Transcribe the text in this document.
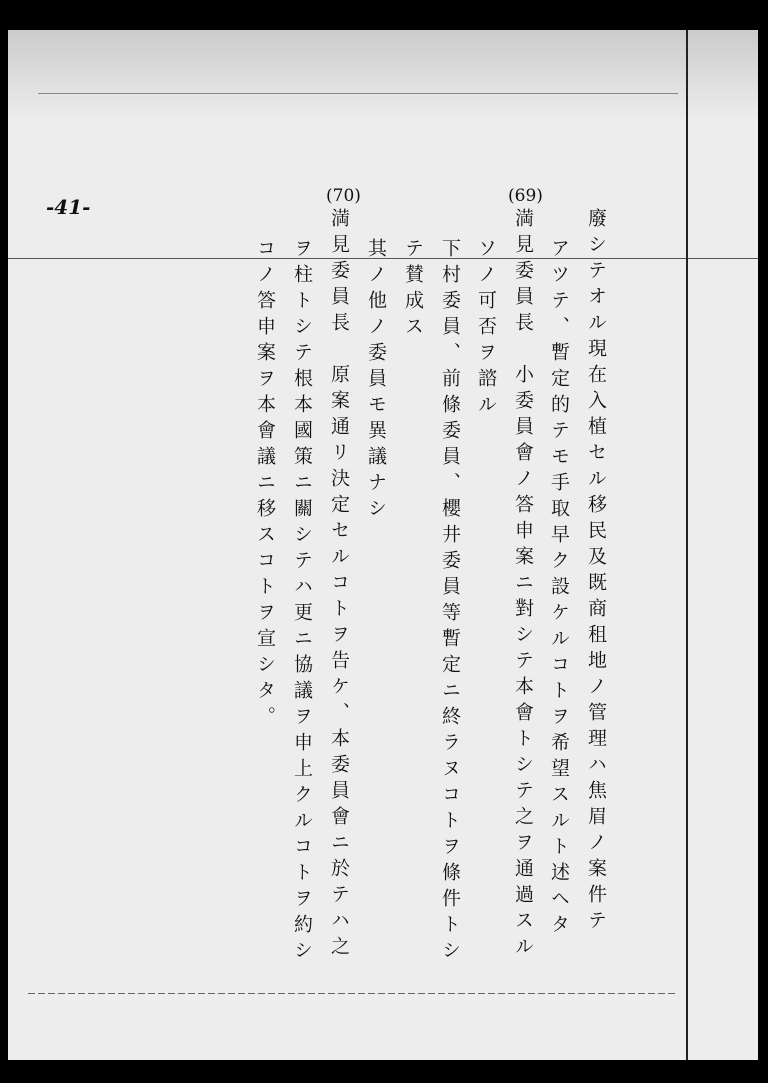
-41-	(69)
(70)
廢シテオル現在入植セル移民及既商租地ノ管理ハ焦眉ノ案件テ
アツテ、暫定的テモ手取早ク設ケルコトヲ希望スルト述ヘタ
満見委員長　小委員會ノ答申案ニ對シテ本會トシテ之ヲ通過スル
ソノ可否ヲ諮ル
下村委員、前條委員、櫻井委員等暫定ニ終ラヌコトヲ條件トシ
テ賛成ス
其ノ他ノ委員モ異議ナシ
満見委員長　原案通リ決定セルコトヲ告ケ、本委員會ニ於テハ之
ヲ柱トシテ根本國策ニ關シテハ更ニ協議ヲ申上クルコトヲ約シ
コノ答申案ヲ本會議ニ移スコトヲ宣シタ。
